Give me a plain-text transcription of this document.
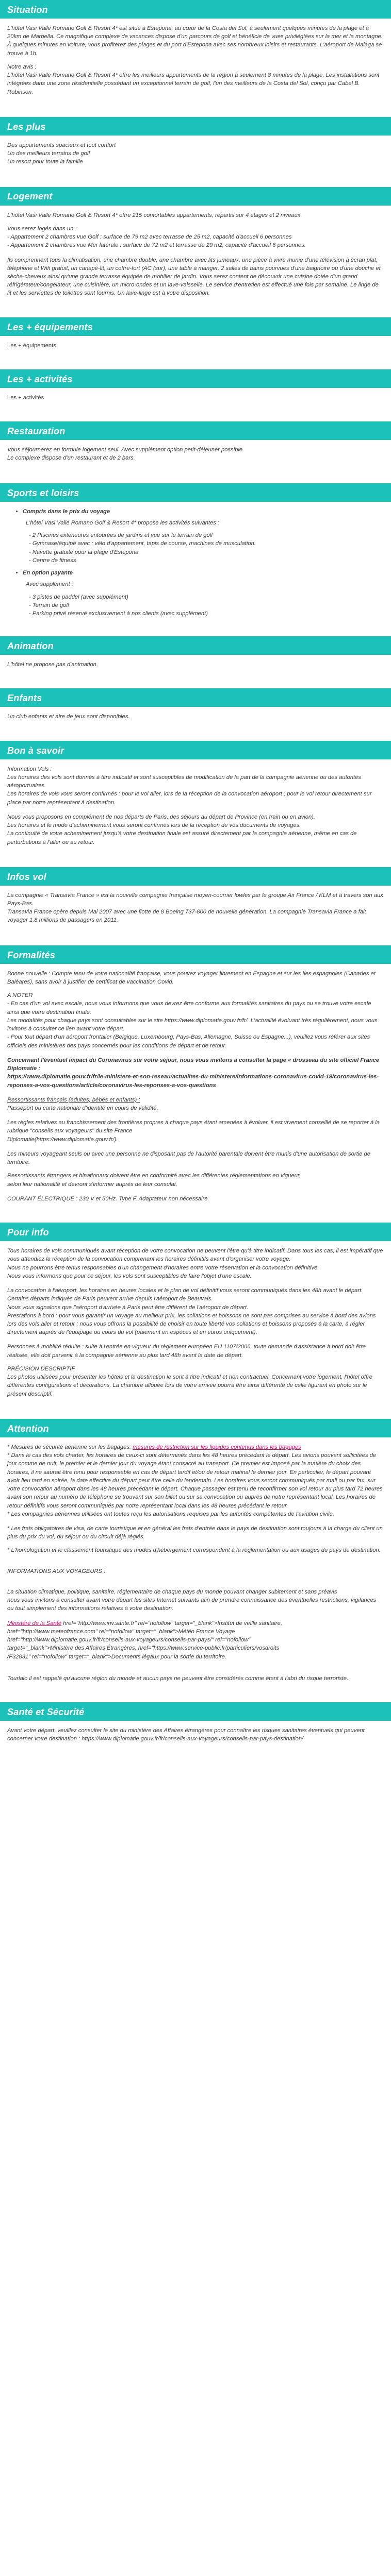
Situation

L'hôtel Vasi Valle Romano Golf & Resort 4* est situé à Estepona, au cœur de la Costa del Sol, à seulement quelques minutes de la plage et à 20km de Marbella. Ce magnifique complexe de vacances dispose d'un parcours de golf et bénéficie de vues privilégiées sur la mer et la montagne. À quelques minutes en voiture, vous profiterez des plages et du port d'Estepona avec ses nombreux loisirs et restaurants. L'aéroport de Malaga se trouve à 1h.

Notre avis :
L'hôtel Vasi Valle Romano Golf & Resort 4* offre les meilleurs appartements de la région à seulement 8 minutes de la plage. Les installations sont intégrées dans une zone résidentielle possédant un exceptionnel terrain de golf, l'un des meilleurs de la Costa del Sol, conçu par Cabel B. Robinson.
Les plus
Des appartements spacieux et tout confort
Un des meilleurs terrains de golf
Un resort pour toute la famille
Logement

L'hôtel Vasi Valle Romano Golf & Resort 4* offre 215 confortables appartements, répartis sur 4 étages et 2 niveaux.

Vous serez logés dans un :
- Appartement 2 chambres vue Golf : surface de 79 m2 avec terrasse de 25 m2, capacité d'accueil 6 personnes
- Appartement 2 chambres vue Mer latérale : surface de 72 m2 et terrasse de 29 m2, capacité d'accueil 6 personnes.

Ils comprennent tous la climatisation, une chambre double, une chambre avec lits jumeaux, une pièce à vivre munie d'une télévision à écran plat, téléphone et Wifi gratuit, un canapé-lit, un coffre-fort (AC (sur), une table à manger, 2 salles de bains pourvues d'une baignoire ou d'une douche et sèche-cheveux ainsi qu'une grande terrasse équipée de mobilier de jardin. Vous serez content de découvrir une cuisine dotée d'un grand réfrigérateur/congélateur, une cuisinière, un micro-ondes et un lave-vaisselle. Le service d'entretien est effectué une fois par semaine. Le linge de lit et les serviettes de toilettes sont fournis. Un lave-linge est à votre disposition.

Les + équipements

Les + équipements

Les + activités

Les + activités

Restauration
Vous séjournerez en formule logement seul. Avec supplément option petit-déjeuner possible.
Le complexe dispose d'un restaurant et de 2 bars.
Sports et loisirs
• Compris dans le prix du voyage
L'hôtel Vasi Valle Romano Golf & Resort 4* propose les activités suivantes :
- 2 Piscines extérieures entourées de jardins et vue sur le terrain de golf
- Gymnase/équipé avec : vélo d'appartement, tapis de course, machines de musculation.
- Navette gratuite pour la plage d'Estepona
- Centre de fitness
• En option payante
Avec supplément :
- 3 pistes de paddel (avec supplément)
- Terrain de golf
- Parking privé réservé exclusivement à nos clients (avec supplément)
Animation

L'hôtel ne propose pas d'animation.

Enfants

Un club enfants et aire de jeux sont disponibles.

Bon à savoir
Information Vols :
Les horaires des vols sont donnés à titre indicatif et sont susceptibles de modification de la part de la compagnie aérienne ou des autorités aéroportuaires.
Les horaires de vols vous seront confirmés : pour le vol aller, lors de la réception de la convocation aéroport ; pour le vol retour directement sur place par notre représentant à destination.
Nous vous proposons en complément de nos départs de Paris, des séjours au départ de Province (en train ou en avion).
Les horaires et le mode d'acheminement vous seront confirmés lors de la réception de vos documents de voyages.
La continuité de votre acheminement jusqu'à votre destination finale est assuré directement par la compagnie aérienne, même en cas de perturbations à l'aller ou au retour.
Infos vol
La compagnie « Transavia France » est la nouvelle compagnie française moyen-courrier lowles par le groupe Air France / KLM et à travers son aux Pays-Bas.
Transavia France opère depuis Mai 2007 avec une flotte de 8 Boeing 737-800 de nouvelle génération. La compagnie Transavia France a fait voyager 1,8 millions de passagers en 2011.
Formalités

Bonne nouvelle : Compte tenu de votre nationalité française, vous pouvez voyager librement en Espagne et sur les îles espagnoles (Canaries et Baléares), sans avoir à justifier de certificat de vaccination Covid.

A NOTER
- En cas d'un vol avec escale, nous vous informons que vous devrez être conforme aux formalités sanitaires du pays ou se trouve votre escale ainsi que votre destination finale.
Les modalités pour chaque pays sont consultables sur le site https://www.diplomatie.gouv.fr/fr/. L'actualité évoluant très régulièrement, nous vous invitons à consulter ce lien avant votre départ.
- Pour tout départ d'un aéroport frontalier (Belgique, Luxembourg, Pays-Bas, Allemagne, Suisse ou Espagne...), veuillez vous référer aux sites officiels des ministères des pays concernés pour les conditions de départ et de retour.
Concernant l'éventuel impact du Coronavirus sur votre séjour, nous vous invitons à consulter la page « drosseau du site officiel France Diplomatie :
https://www.diplomatie.gouv.fr/fr/le-ministere-et-son-reseau/actualites-du-ministere/informations-coronavirus-covid-19/coronavirus-les-reponses-a-vos-questions/article/coronavirus-les-reponses-a-vos-questions
Ressortissants français (adultes, bébés et enfants) :
Passeport ou carte nationale d'identité en cours de validité.
Les règles relatives au franchissement des frontières propres à chaque pays étant amenées à évoluer, il est vivement conseillé de se reporter à la rubrique "conseils aux voyageurs" du site France
Diplomatie(https://www.diplomatie.gouv.fr/).

Les mineurs voyageant seuls ou avec une personne ne disposant pas de l'autorité parentale doivent être munis d'une autorisation de sortie de territoire.

Ressortissants étrangers et binationaux doivent être en conformité avec les différentes réglementations en vigueur,
selon leur nationalité et devront s'informer auprès de leur consulat.

COURANT ÉLECTRIQUE : 230 V et 50Hz. Type F. Adaptateur non nécessaire.

Pour info
Tous horaires de vols communiqués avant réception de votre convocation ne peuvent l'être qu'à titre indicatif. Dans tous les cas, il est impératif que vous attendiez la réception de la convocation comprenant les horaires définitifs avant d'organiser votre voyage.
Nous ne pourrons être tenus responsables d'un changement d'horaires entre votre réservation et la convocation définitive.
Nous vous informons que pour ce séjour, les vols sont susceptibles de faire l'objet d'une escale.
La convocation à l'aéroport, les horaires en heures locales et le plan de vol définitif vous seront communiqués dans les 48h avant le départ.
Certains départs indiqués de Paris peuvent arrive depuis l'aéroport de Beauvais.
Nous vous signalons que l'aéroport d'arrivée à Paris peut être différent de l'aéroport de départ.
Prestations à bord : pour vous garantir un voyage au meilleur prix, les collations et boissons ne sont pas comprises au service à bord des avions lors des vols aller et retour ; nous vous offrons la possibilité de choisir en toute liberté vos collations et boissons proposés à la carte, à régler directement auprès de l'équipage ou cours du vol (paiement en espèces et en euros uniquement).

Personnes à mobilité réduite : suite à l'entrée en vigueur du règlement européen EU 1107/2006, toute demande d'assistance à bord doit être réalisée, elle doit parvenir à la compagnie aérienne au plus tard 48h avant la date de départ.

PRÉCISION DESCRIPTIF
Les photos utilisées pour présenter les hôtels et la destination le sont à titre indicatif et non contractuel. Concernant votre logement, l'hôtel offre différentes configurations et décorations. La chambre allouée lors de votre arrivée pourra être ainsi différente de celle figurant en photo sur le présent descriptif.
Attention
* Mesures de sécurité aérienne sur les bagages: mesures de restriction sur les liquides contenus dans les bagages
* Dans le cas des vols charter, les horaires de ceux-ci sont déterminés dans les 48 heures précédant le départ. Les avions pouvant sollicitées de jour comme de nuit, le premier et le dernier jour du voyage étant consacré au transport. Ce premier est imposé par la matière du choix des horaires, il ne saurait être tenu pour responsable en cas de départ tardif et/ou de retour matinal le dernier jour. En particulier, le départ pouvant avoir lieu tard en soirée, la date effective du départ peut être celle du lendemain. Les horaires vous seront communiqués par mail ou par fax, sur votre convocation aéroport dans les 48 heures précédant le départ. Chaque passager est tenu de reconfirmer son vol retour au plus tard 72 heures avant son retour au numéro de téléphone se trouvant sur son billet ou sur sa convocation ou auprès de notre représentant local. Les horaires de retour définitifs vous seront communiqués par notre représentant local dans les 48 heures précédant le retour.
* Les compagnies aériennes utilisées ont toutes reçu les autorisations requises par les autorités compétentes de l'aviation civile.

* Les frais obligatoires de visa, de carte touristique et en général les frais d'entrée dans le pays de destination sont toujours à la charge du client un plus du prix du vol, du séjour ou du circuit déjà réglés.

* L'homologation et le classement touristique des modes d'hébergement correspondent à la réglementation ou aux usages du pays de destination.

INFORMATIONS AUX VOYAGEURS :

La situation climatique, politique, sanitaire, réglementaire de chaque pays du monde pouvant changer subitement et sans préavis
nous vous invitons à consulter avant votre départ les sites Internet suivants afin de prendre connaissance des éventuelles restrictions, vigilances ou tout simplement des informations relatives à votre destination.
Ministère de la Santé href="http://www.inv.sante.fr" rel="nofollow" target="_blank">Institut de veille sanitaire,
href="http://www.meteofrance.com" rel="nofollow" target="_blank">Météo France Voyage
href="http://www.diplomatie.gouv.fr/fr/conseils-aux-voyageurs/conseils-par-pays/" rel="nofollow"
target="_blank">Ministère des Affaires Étrangères, href="https://www.service-public.fr/particuliers/vosdroits
/F32831" rel="nofollow" target="_blank">Documents légaux pour la sortie du territoire.

Tourlalo il est rappelé qu'aucune région du monde et aucun pays ne peuvent être considérés comme étant à l'abri du risque terroriste.

Santé et Sécurité

Avant votre départ, veuillez consulter le site du ministère des Affaires étrangères pour connaître les risques sanitaires éventuels qui peuvent concerner votre destination : https://www.diplomatie.gouv.fr/fr/conseils-aux-voyageurs/conseils-par-pays-destination/
